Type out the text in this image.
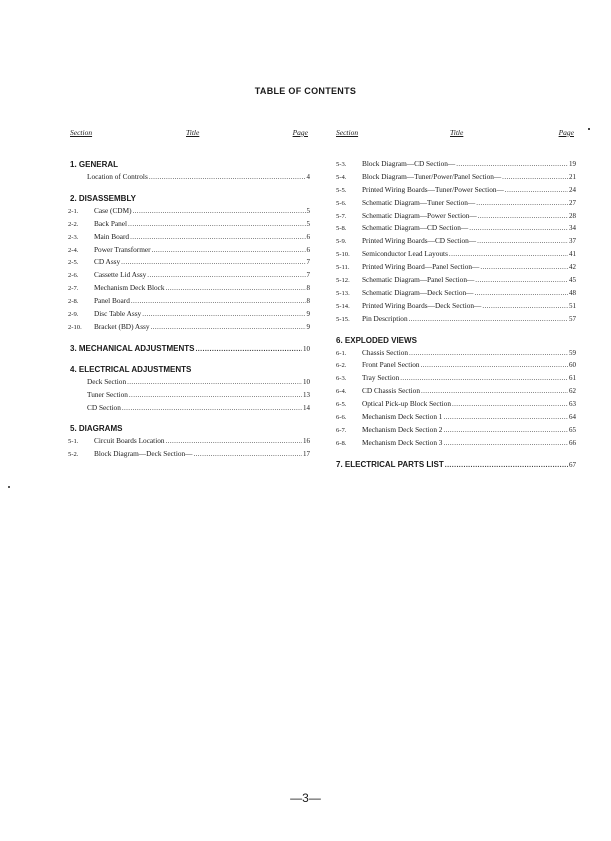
TABLE OF CONTENTS
Section	Title	Page
1. GENERAL
Location of Controls .....	4
2. DISASSEMBLY
2-1.	Case (CDM) .....	5
2-2.	Back Panel .....	5
2-3.	Main Board .....	6
2-4.	Power Transformer .....	6
2-5.	CD Assy .....	7
2-6.	Cassette Lid Assy .....	7
2-7.	Mechanism Deck Block .....	8
2-8.	Panel Board .....	8
2-9.	Disc Table Assy .....	9
2-10.	Bracket (BD) Assy .....	9
3. MECHANICAL ADJUSTMENTS .....	10
4. ELECTRICAL ADJUSTMENTS
Deck Section .....	10
Tuner Section .....	13
CD Section .....	14
5. DIAGRAMS
5-1.	Circuit Boards Location .....	16
5-2.	Block Diagram—Deck Section— .....	17
Section	Title	Page
5-3.	Block Diagram—CD Section— .....	19
5-4.	Block Diagram—Tuner/Power/Panel Section— .....	21
5-5.	Printed Wiring Boards—Tuner/Power Section— .....	24
5-6.	Schematic Diagram—Tuner Section— .....	27
5-7.	Schematic Diagram—Power Section— .....	28
5-8.	Schematic Diagram—CD Section— .....	34
5-9.	Printed Wiring Boards—CD Section— .....	37
5-10.	Semiconductor Lead Layouts .....	41
5-11.	Printed Wiring Board—Panel Section— .....	42
5-12.	Schematic Diagram—Panel Section— .....	45
5-13.	Schematic Diagram—Deck Section— .....	48
5-14.	Printed Wiring Boards—Deck Section— .....	51
5-15.	Pin Description .....	57
6. EXPLODED VIEWS
6-1.	Chassis Section .....	59
6-2.	Front Panel Section .....	60
6-3.	Tray Section .....	61
6-4.	CD Chassis Section .....	62
6-5.	Optical Pick-up Block Section .....	63
6-6.	Mechanism Deck Section 1 .....	64
6-7.	Mechanism Deck Section 2 .....	65
6-8.	Mechanism Deck Section 3 .....	66
7. ELECTRICAL PARTS LIST .....	67
—3—
